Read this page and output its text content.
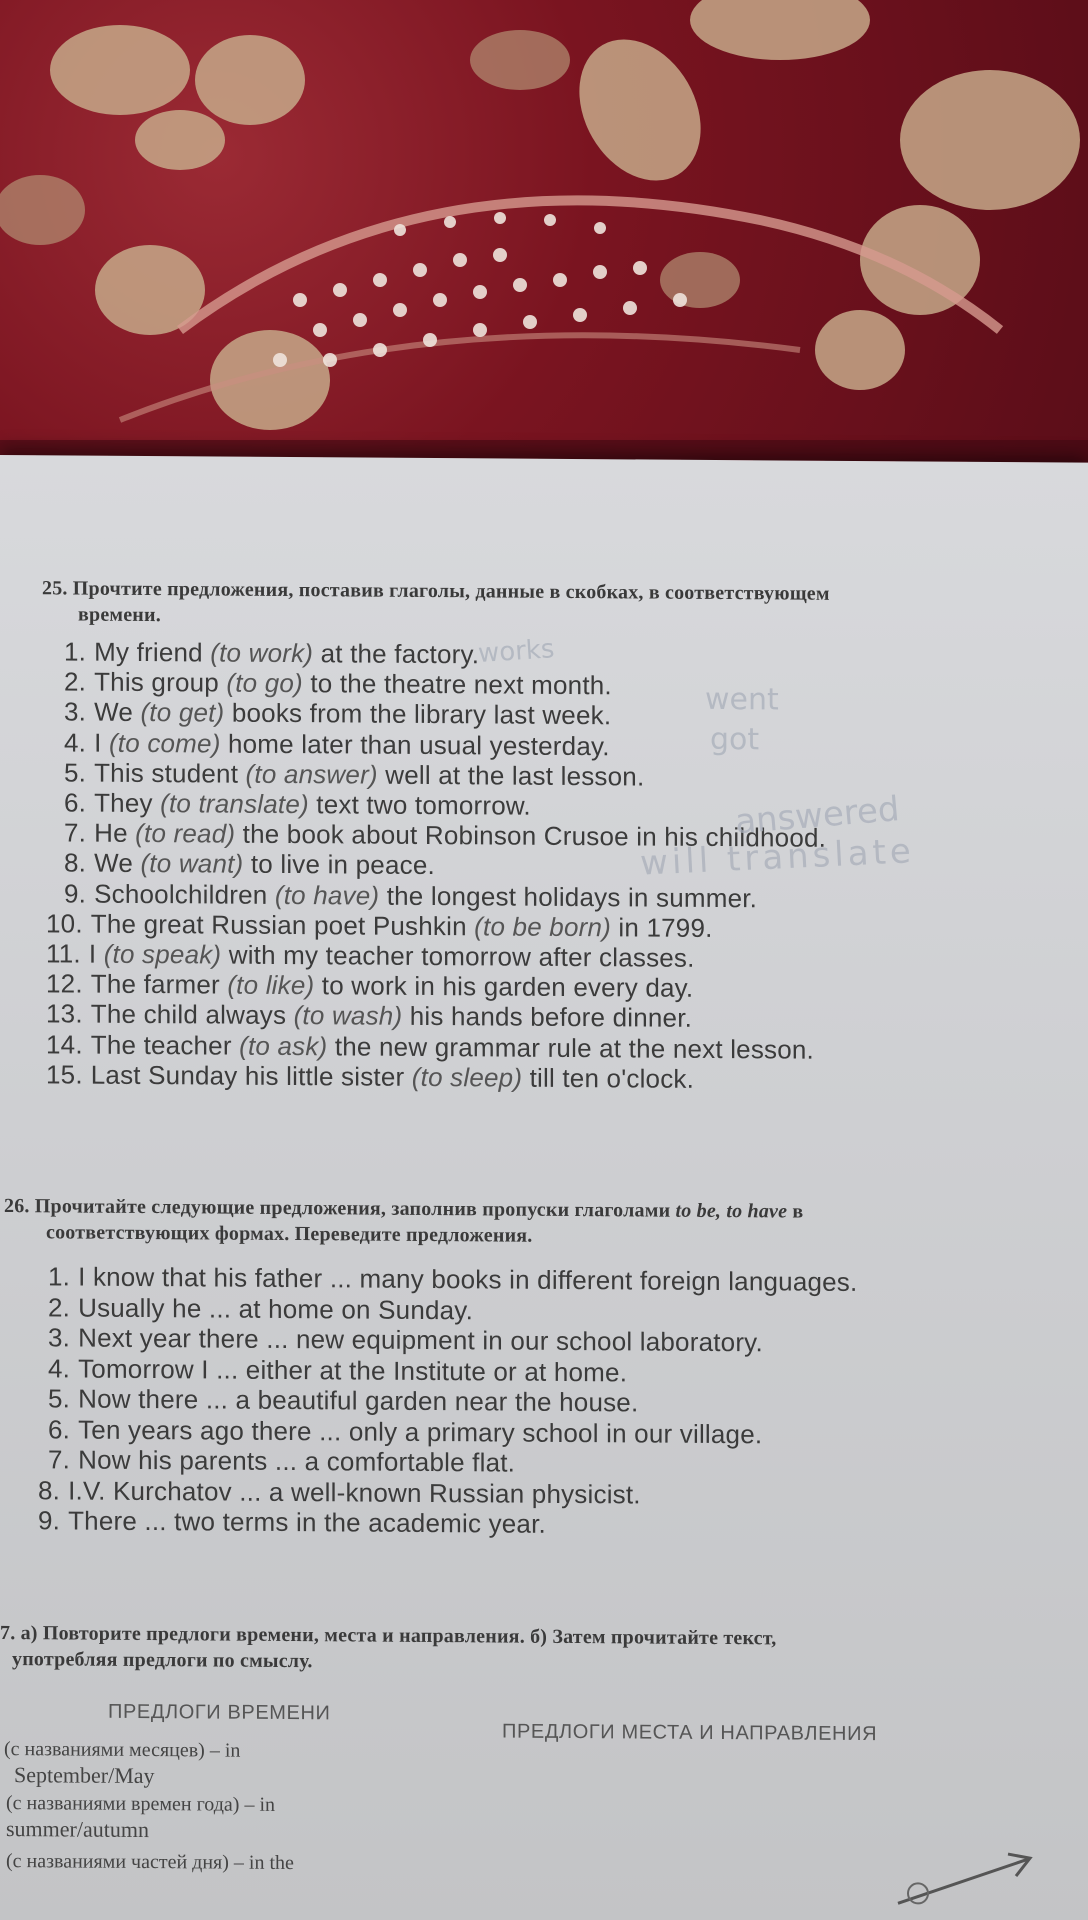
25. Прочтите предложения, поставив глаголы, данные в скобках, в соответствующем
времени.
1. My friend (to work) at the factory.
2. This group (to go) to the theatre next month.
3. We (to get) books from the library last week.
4. I (to come) home later than usual yesterday.
5. This student (to answer) well at the last lesson.
6. They (to translate) text two tomorrow.
7. He (to read) the book about Robinson Crusoe in his childhood.
8. We (to want) to live in peace.
9. Schoolchildren (to have) the longest holidays in summer.
10. The great Russian poet Pushkin (to be born) in 1799.
11. I (to speak) with my teacher tomorrow after classes.
12. The farmer (to like) to work in his garden every day.
13. The child always (to wash) his hands before dinner.
14. The teacher (to ask) the new grammar rule at the next lesson.
15. Last Sunday his little sister (to sleep) till ten o'clock.
works
went
got
answered
will translate
26. Прочитайте следующие предложения, заполнив пропуски глаголами to be, to have в
соответствующих формах. Переведите предложения.
1. I know that his father ... many books in different foreign languages.
2. Usually he ... at home on Sunday.
3. Next year there ... new equipment in our school laboratory.
4. Tomorrow I ... either at the Institute or at home.
5. Now there ... a beautiful garden near the house.
6. Ten years ago there ... only a primary school in our village.
7. Now his parents ... a comfortable flat.
8. I.V. Kurchatov ... a well-known Russian physicist.
9. There ... two terms in the academic year.
7. а) Повторите предлоги времени, места и направления. б) Затем прочитайте текст,
употребляя предлоги по смыслу.
ПРЕДЛОГИ ВРЕМЕНИ
ПРЕДЛОГИ МЕСТА И НАПРАВЛЕНИЯ
(с названиями месяцев) – in
September/May
(с названиями времен года) – in
summer/autumn
(с названиями частей дня) – in the
